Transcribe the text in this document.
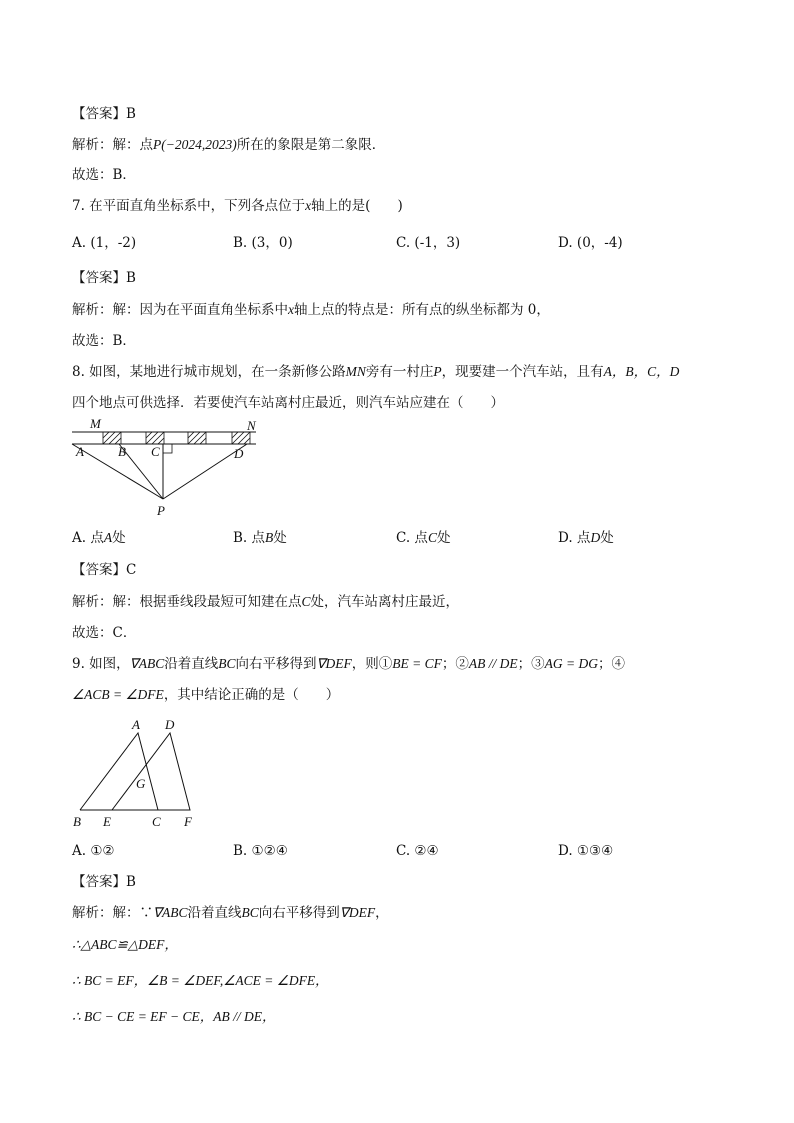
【答案】B
解析：解：点P(−2024,2023)所在的象限是第二象限．
故选：B．
7. 在平面直角坐标系中，下列各点位于x轴上的是(　　)
A. (1，-2)	B. (3，0)	C. (-1，3)	D. (0，-4)
【答案】B
解析：解：因为在平面直角坐标系中x轴上点的特点是：所有点的纵坐标都为 0，
故选：B．
8. 如图，某地进行城市规划，在一条新修公路MN旁有一村庄P，现要建一个汽车站，且有A，B，C，D
四个地点可供选择．若要使汽车站离村庄最近，则汽车站应建在（　　）
M	N
A	B C	D
P
A. 点A处	B. 点B处	C. 点C处	D. 点D处
【答案】C
解析：解：根据垂线段最短可知建在点C处，汽车站离村庄最近，
故选：C．
9. 如图，∇ABC沿着直线BC向右平移得到∇DEF，则①BE = CF；②AB // DE；③AG = DG；④
∠ACB = ∠DFE，其中结论正确的是（　　）
A D
G
B E	C F
A. ①②	B. ①②④	C. ②④	D. ①③④
【答案】B
解析：解：∵∇ABC沿着直线BC向右平移得到∇DEF，
∴△ABC≌△DEF，
∴ BC = EF，∠B = ∠DEF,∠ACE = ∠DFE，
∴ BC − CE = EF − CE，AB // DE，
